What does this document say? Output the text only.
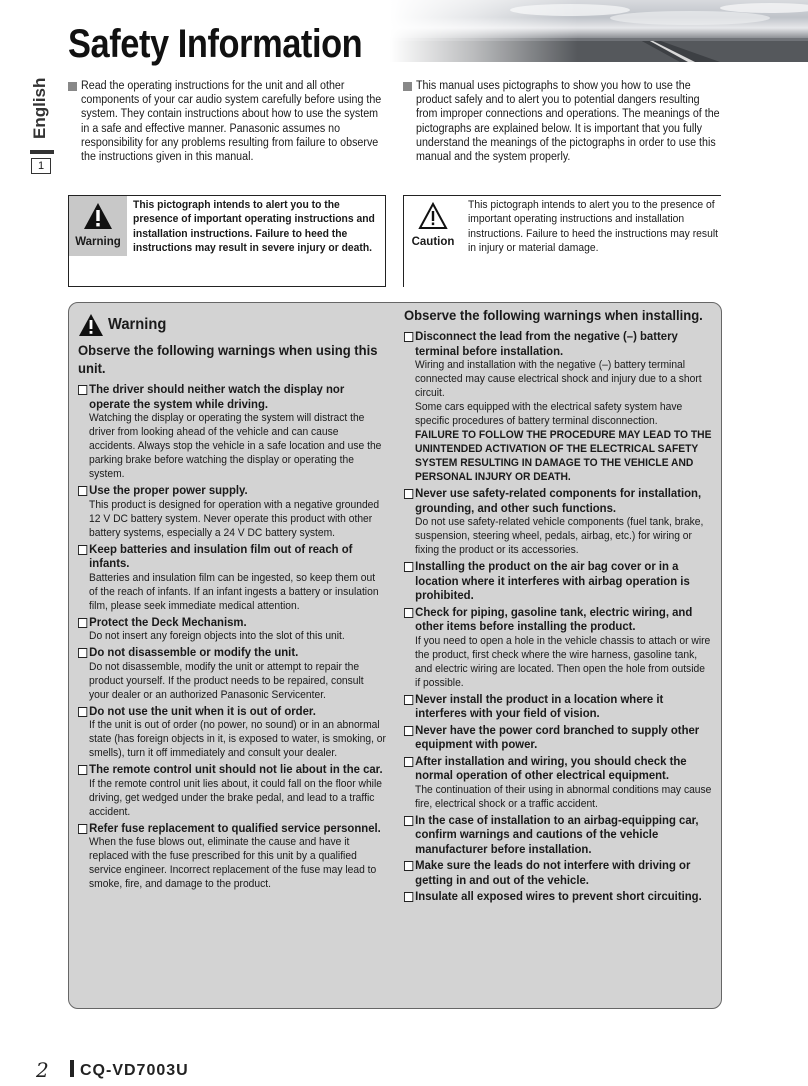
Safety Information
English
1

Read the operating instructions for the unit and all other components of your car audio system carefully before using the system. They contain instructions about how to use the system in a safe and effective manner. Panasonic assumes no responsibility for any problems resulting from failure to observe the instructions given in this manual.

This manual uses pictographs to show you how to use the product safely and to alert you to potential dangers resulting from improper connections and operations. The meanings of the pictographs are explained below. It is important that you fully understand the meanings of the pictographs in order to use this manual and the system properly.

Warning
This pictograph intends to alert you to the presence of important operating instructions and installation instructions. Failure to heed the instructions may result in severe injury or death.	Caution
This pictograph intends to alert you to the presence of important operating instructions and installation instructions. Failure to heed the instructions may result in injury or material damage.
Warning
Observe the following warnings when using this unit.
The driver should neither watch the display nor operate the system while driving.
Watching the display or operating the system will distract the driver from looking ahead of the vehicle and can cause accidents. Always stop the vehicle in a safe location and use the parking brake before watching the display or operating the system.
Use the proper power supply.
This product is designed for operation with a negative grounded 12 V DC battery system. Never operate this product with other battery systems, especially a 24 V DC battery system.
Keep batteries and insulation film out of reach of infants.
Batteries and insulation film can be ingested, so keep them out of the reach of infants. If an infant ingests a battery or insulation film, please seek immediate medical attention.
Protect the Deck Mechanism.
Do not insert any foreign objects into the slot of this unit.
Do not disassemble or modify the unit.
Do not disassemble, modify the unit or attempt to repair the product yourself. If the product needs to be repaired, consult your dealer or an authorized Panasonic Servicenter.
Do not use the unit when it is out of order.
If the unit is out of order (no power, no sound) or in an abnormal state (has foreign objects in it, is exposed to water, is smoking, or smells), turn it off immediately and consult your dealer.
The remote control unit should not lie about in the car.
If the remote control unit lies about, it could fall on the floor while driving, get wedged under the brake pedal, and lead to a traffic accident.
Refer fuse replacement to qualified service personnel.
When the fuse blows out, eliminate the cause and have it replaced with the fuse prescribed for this unit by a qualified service engineer. Incorrect replacement of the fuse may lead to smoke, fire, and damage to the product.
Observe the following warnings when installing.
Disconnect the lead from the negative (–) battery terminal before installation.
Wiring and installation with the negative (–) battery terminal connected may cause electrical shock and injury due to a short circuit.
Some cars equipped with the electrical safety system have specific procedures of battery terminal disconnection.
FAILURE TO FOLLOW THE PROCEDURE MAY LEAD TO THE UNINTENDED ACTIVATION OF THE ELECTRICAL SAFETY SYSTEM RESULTING IN DAMAGE TO THE VEHICLE AND PERSONAL INJURY OR DEATH.
Never use safety-related components for installation, grounding, and other such functions.
Do not use safety-related vehicle components (fuel tank, brake, suspension, steering wheel, pedals, airbag, etc.) for wiring or fixing the product or its accessories.
Installing the product on the air bag cover or in a location where it interferes with airbag operation is prohibited.
Check for piping, gasoline tank, electric wiring, and other items before installing the product.
If you need to open a hole in the vehicle chassis to attach or wire the product, first check where the wire harness, gasoline tank, and electric wiring are located. Then open the hole from outside if possible.
Never install the product in a location where it interferes with your field of vision.
Never have the power cord branched to supply other equipment with power.
After installation and wiring, you should check the normal operation of other electrical equipment.
The continuation of their using in abnormal conditions may cause fire, electrical shock or a traffic accident.
In the case of installation to an airbag-equipping car, confirm warnings and cautions of the vehicle manufacturer before installation.
Make sure the leads do not interfere with driving or getting in and out of the vehicle.
Insulate all exposed wires to prevent short circuiting.
2	CQ-VD7003U
